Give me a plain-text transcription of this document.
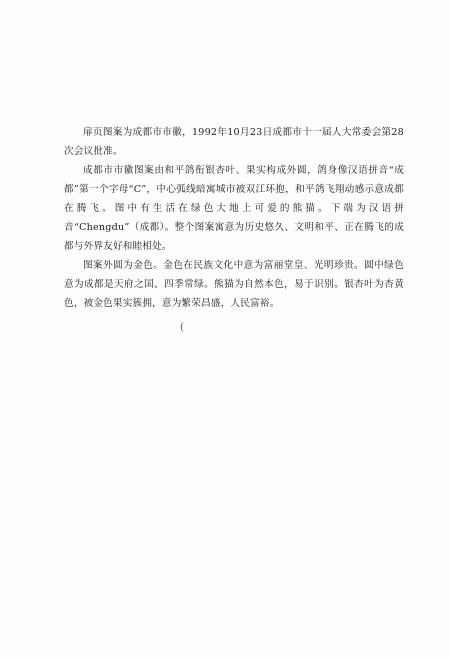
扉页图案为成都市市徽，1992年10月23日成都市十一届人大常委会第28次会议批准。

成都市市徽图案由和平鸽衔银杏叶、果实构成外圆，鸽身像汉语拼音“成都”第一个字母“C”，中心弧线暗寓城市被双江环抱，和平鸽飞翔动感示意成都在腾飞。图中有生活在绿色大地上可爱的熊猫。下端为汉语拼音“Chengdu”（成都）。整个图案寓意为历史悠久、文明和平、正在腾飞的成都与外界友好和睦相处。

图案外圆为金色。金色在民族文化中意为富丽堂皇、光明珍贵。圆中绿色意为成都是天府之国、四季常绿。熊猫为自然本色，易于识别。银杏叶为杏黄色，被金色果实簇拥，意为繁荣昌盛，人民富裕。

(
